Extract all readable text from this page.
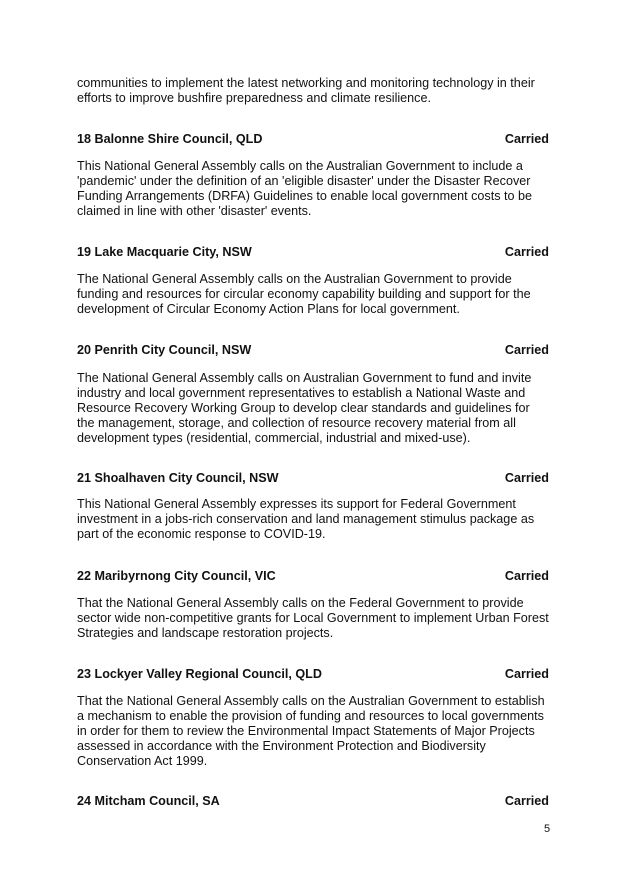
communities to implement the latest networking and monitoring technology in their
efforts to improve bushfire preparedness and climate resilience.
18 Balonne Shire Council, QLD	Carried
This National General Assembly calls on the Australian Government to include a
'pandemic' under the definition of an 'eligible disaster' under the Disaster Recover
Funding Arrangements (DRFA) Guidelines to enable local government costs to be
claimed in line with other 'disaster' events.
19 Lake Macquarie City, NSW	Carried
The National General Assembly calls on the Australian Government to provide
funding and resources for circular economy capability building and support for the
development of Circular Economy Action Plans for local government.
20 Penrith City Council, NSW	Carried
The National General Assembly calls on Australian Government to fund and invite
industry and local government representatives to establish a National Waste and
Resource Recovery Working Group to develop clear standards and guidelines for
the management, storage, and collection of resource recovery material from all
development types (residential, commercial, industrial and mixed-use).
21 Shoalhaven City Council, NSW	Carried
This National General Assembly expresses its support for Federal Government
investment in a jobs-rich conservation and land management stimulus package as
part of the economic response to COVID-19.
22 Maribyrnong City Council, VIC	Carried
That the National General Assembly calls on the Federal Government to provide
sector wide non-competitive grants for Local Government to implement Urban Forest
Strategies and landscape restoration projects.
23 Lockyer Valley Regional Council, QLD	Carried
That the National General Assembly calls on the Australian Government to establish
a mechanism to enable the provision of funding and resources to local governments
in order for them to review the Environmental Impact Statements of Major Projects
assessed in accordance with the Environment Protection and Biodiversity
Conservation Act 1999.
24 Mitcham Council, SA	Carried
5
